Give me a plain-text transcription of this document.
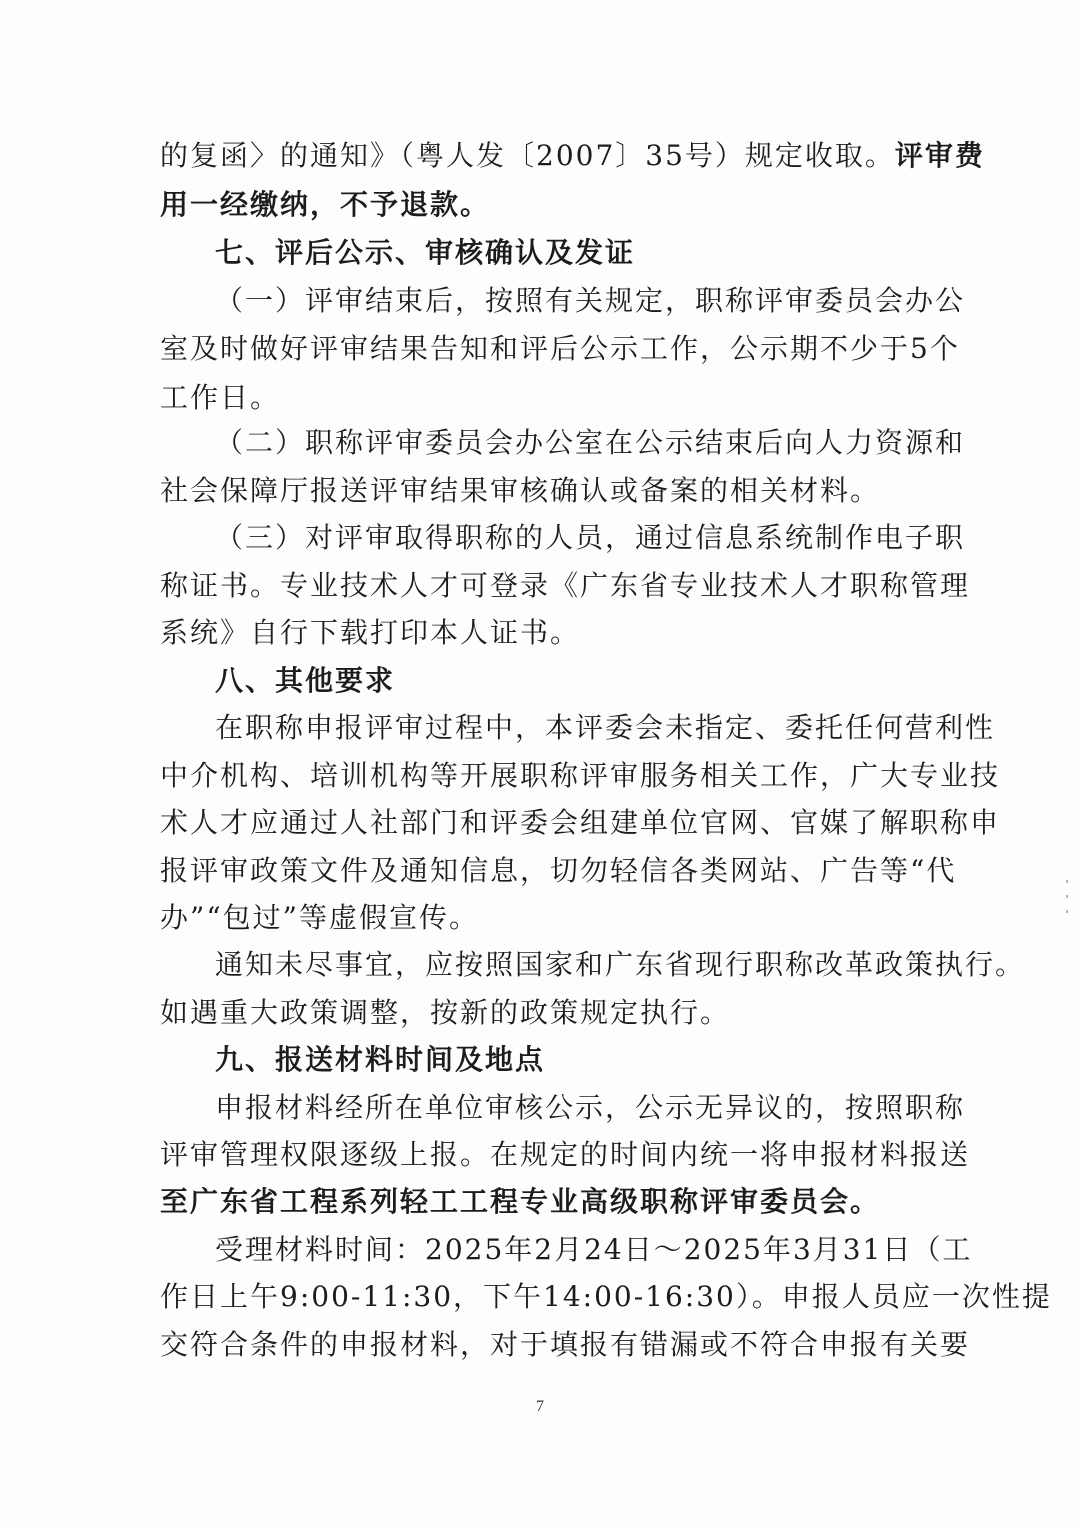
的复函〉的通知》（粤人发〔2007〕35号）规定收取。评审费
用一经缴纳，不予退款。
七、评后公示、审核确认及发证
（一）评审结束后，按照有关规定，职称评审委员会办公
室及时做好评审结果告知和评后公示工作，公示期不少于5个
工作日。
（二）职称评审委员会办公室在公示结束后向人力资源和
社会保障厅报送评审结果审核确认或备案的相关材料。
（三）对评审取得职称的人员，通过信息系统制作电子职
称证书。专业技术人才可登录《广东省专业技术人才职称管理
系统》自行下载打印本人证书。
八、其他要求
在职称申报评审过程中，本评委会未指定、委托任何营利性
中介机构、培训机构等开展职称评审服务相关工作，广大专业技
术人才应通过人社部门和评委会组建单位官网、官媒了解职称申
报评审政策文件及通知信息，切勿轻信各类网站、广告等“代
办”“包过”等虚假宣传。
通知未尽事宜，应按照国家和广东省现行职称改革政策执行。
如遇重大政策调整，按新的政策规定执行。
九、报送材料时间及地点
申报材料经所在单位审核公示，公示无异议的，按照职称
评审管理权限逐级上报。在规定的时间内统一将申报材料报送
至广东省工程系列轻工工程专业高级职称评审委员会。
受理材料时间：2025年2月24日～2025年3月31日（工
作日上午9:00-11:30，下午14:00-16:30）。申报人员应一次性提
交符合条件的申报材料，对于填报有错漏或不符合申报有关要
7
